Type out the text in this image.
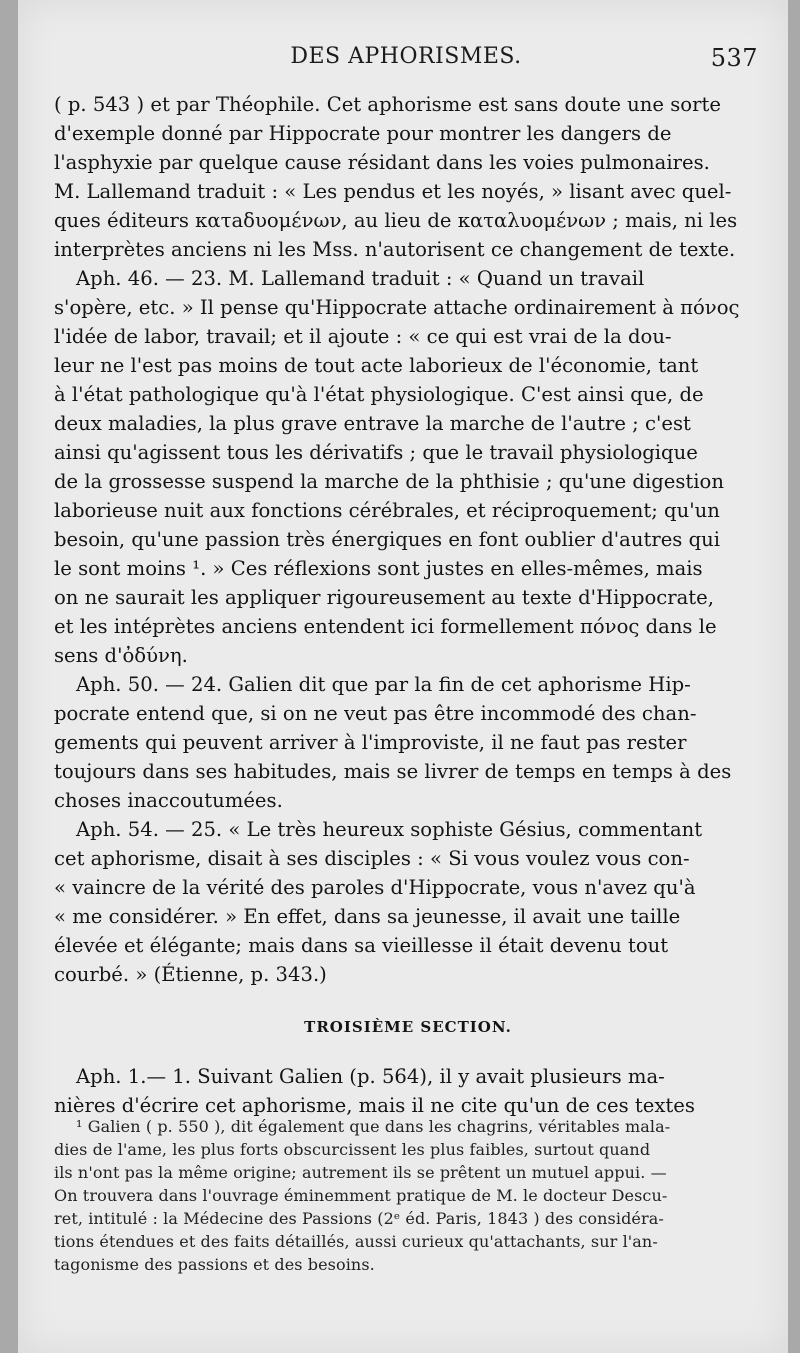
DES APHORISMES.	537
( p. 543 ) et par Théophile. Cet aphorisme est sans doute une sorte
d'exemple donné par Hippocrate pour montrer les dangers de
l'asphyxie par quelque cause résidant dans les voies pulmonaires.
M. Lallemand traduit : « Les pendus et les noyés, » lisant avec quel-
ques éditeurs κατaδυομένων, au lieu de καταλυομένων ; mais, ni les
interprètes anciens ni les Mss. n'autorisent ce changement de texte.
Aph. 46. — 23. M. Lallemand traduit : « Quand un travail
s'opère, etc. » Il pense qu'Hippocrate attache ordinairement à πόνος
l'idée de labor, travail; et il ajoute : « ce qui est vrai de la dou-
leur ne l'est pas moins de tout acte laborieux de l'économie, tant
à l'état pathologique qu'à l'état physiologique. C'est ainsi que, de
deux maladies, la plus grave entrave la marche de l'autre ; c'est
ainsi qu'agissent tous les dérivatifs ; que le travail physiologique
de la grossesse suspend la marche de la phthisie ; qu'une digestion
laborieuse nuit aux fonctions cérébrales, et réciproquement; qu'un
besoin, qu'une passion très énergiques en font oublier d'autres qui
le sont moins ¹. » Ces réflexions sont justes en elles-mêmes, mais
on ne saurait les appliquer rigoureusement au texte d'Hippocrate,
et les intéprètes anciens entendent ici formellement πόνος dans le
sens d'ὀδύνη.
Aph. 50. — 24. Galien dit que par la fin de cet aphorisme Hip-
pocrate entend que, si on ne veut pas être incommodé des chan-
gements qui peuvent arriver à l'improviste, il ne faut pas rester
toujours dans ses habitudes, mais se livrer de temps en temps à des
choses inaccoutumées.
Aph. 54. — 25. « Le très heureux sophiste Gésius, commentant
cet aphorisme, disait à ses disciples : « Si vous voulez vous con-
« vaincre de la vérité des paroles d'Hippocrate, vous n'avez qu'à
« me considérer. » En effet, dans sa jeunesse, il avait une taille
élevée et élégante; mais dans sa vieillesse il était devenu tout
courbé. » (Étienne, p. 343.)
TROISIÈME SECTION.
Aph. 1.— 1. Suivant Galien (p. 564), il y avait plusieurs ma-
nières d'écrire cet aphorisme, mais il ne cite qu'un de ces textes
¹ Galien ( p. 550 ), dit également que dans les chagrins, véritables mala-
dies de l'ame, les plus forts obscurcissent les plus faibles, surtout quand
ils n'ont pas la même origine; autrement ils se prêtent un mutuel appui. —
On trouvera dans l'ouvrage éminemment pratique de M. le docteur Descu-
ret, intitulé : la Médecine des Passions (2ᵉ éd. Paris, 1843 ) des considéra-
tions étendues et des faits détaillés, aussi curieux qu'attachants, sur l'an-
tagonisme des passions et des besoins.
